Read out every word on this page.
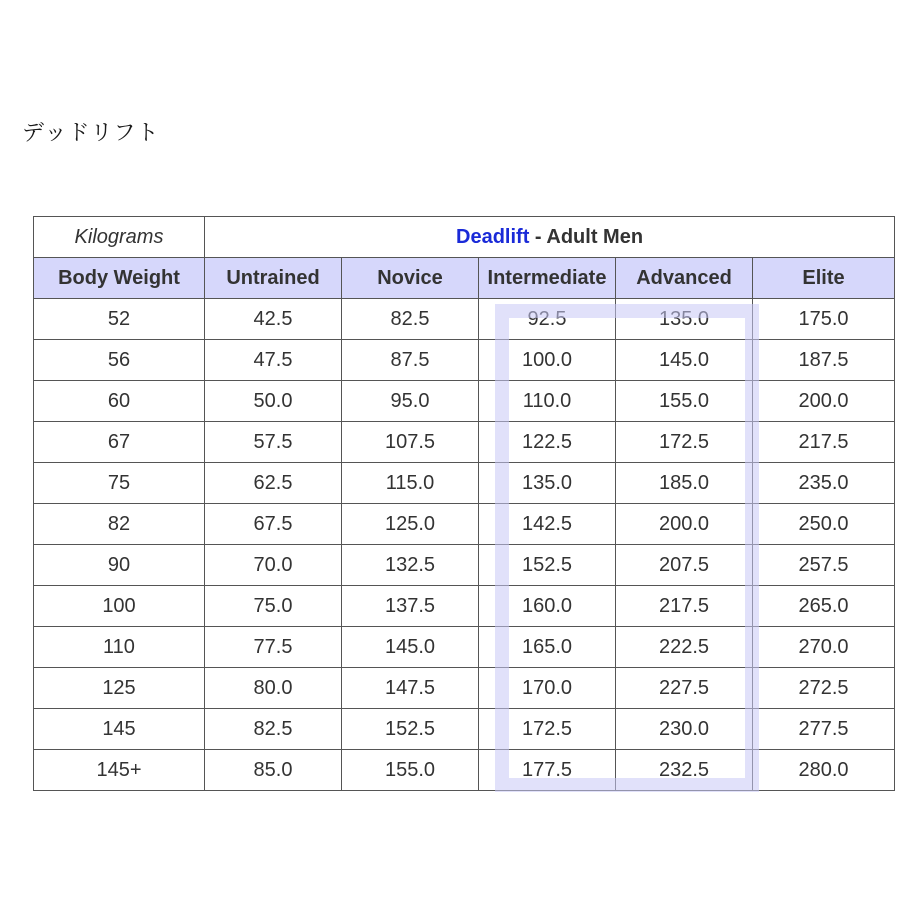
デッドリフト
Kilograms	Deadlift - Adult Men				
Body Weight	Untrained	Novice	Intermediate	Advanced	Elite
52	42.5	82.5	92.5	135.0	175.0
56	47.5	87.5	100.0	145.0	187.5
60	50.0	95.0	110.0	155.0	200.0
67	57.5	107.5	122.5	172.5	217.5
75	62.5	115.0	135.0	185.0	235.0
82	67.5	125.0	142.5	200.0	250.0
90	70.0	132.5	152.5	207.5	257.5
100	75.0	137.5	160.0	217.5	265.0
110	77.5	145.0	165.0	222.5	270.0
125	80.0	147.5	170.0	227.5	272.5
145	82.5	152.5	172.5	230.0	277.5
145+	85.0	155.0	177.5	232.5	280.0
